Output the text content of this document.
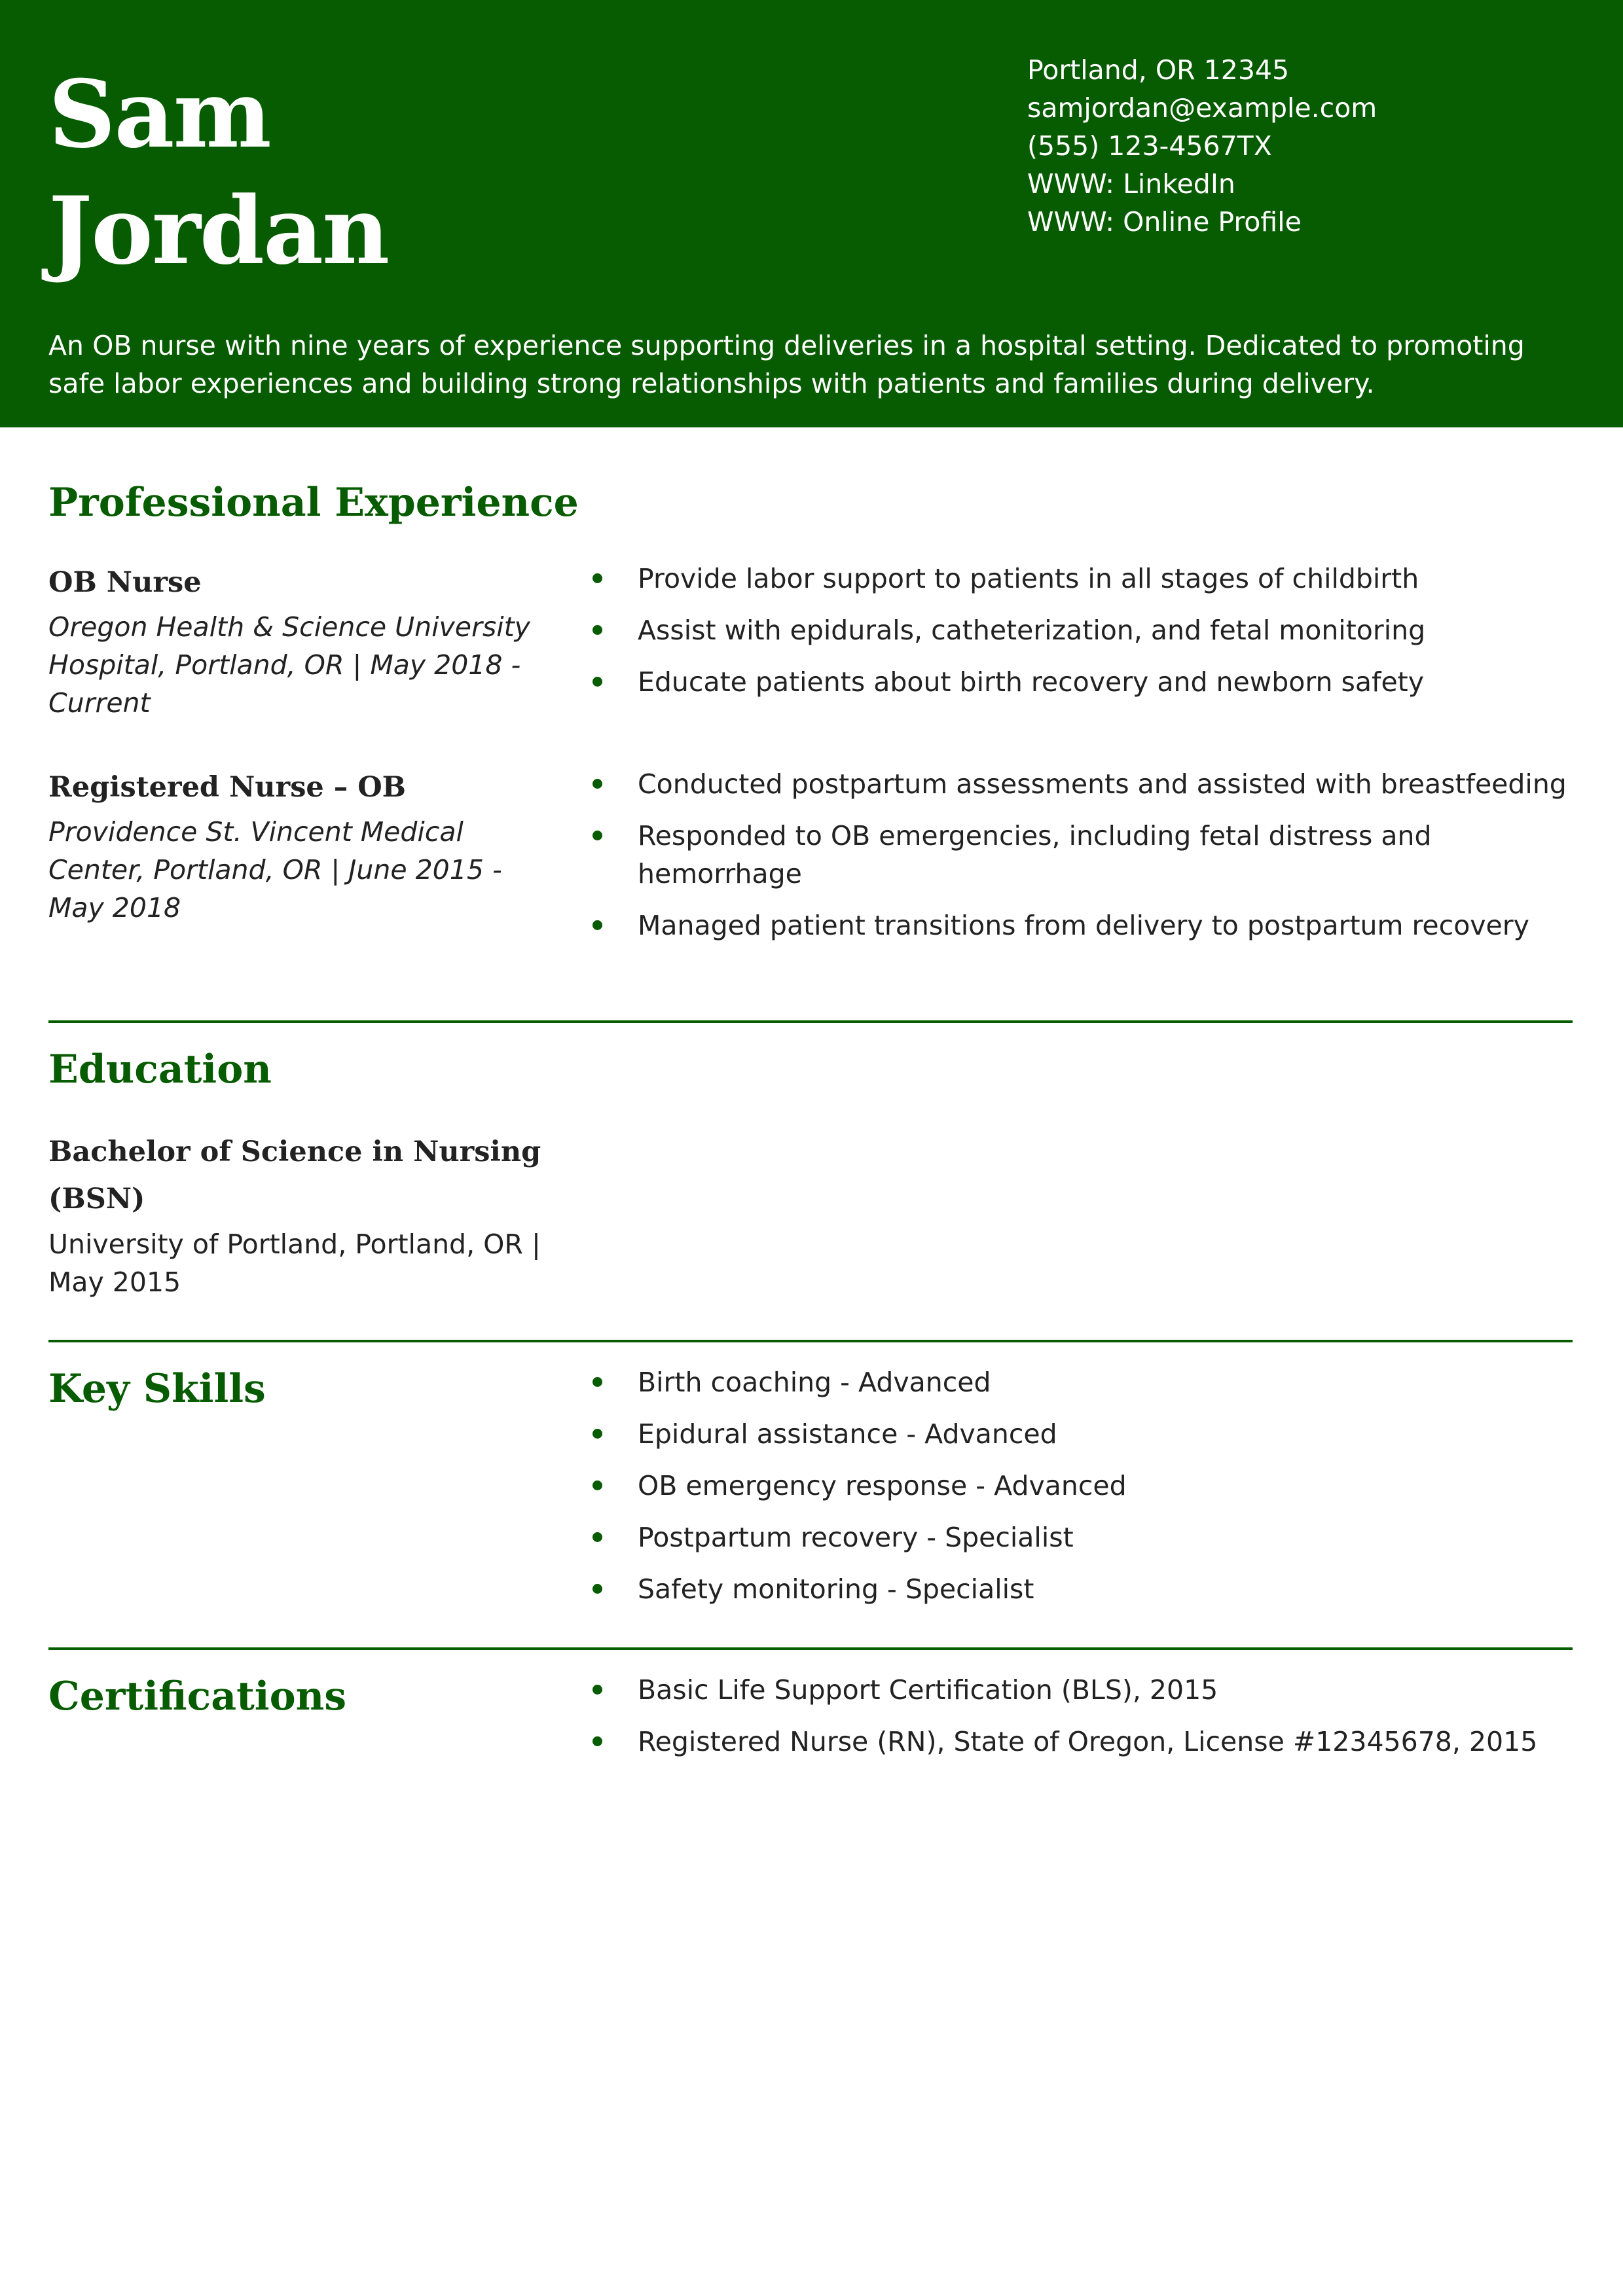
Sam
Jordan
Portland, OR 12345
samjordan@example.com
(555) 123-4567TX
WWW: LinkedIn
WWW: Online Profile

An OB nurse with nine years of experience supporting deliveries in a hospital setting. Dedicated to promoting safe labor experiences and building strong relationships with patients and families during delivery.

Professional Experience
OB Nurse

Oregon Health & Science University Hospital, Portland, OR | May 2018 - Current

Provide labor support to patients in all stages of childbirth
Assist with epidurals, catheterization, and fetal monitoring
Educate patients about birth recovery and newborn safety
Registered Nurse – OB

Providence St. Vincent Medical Center, Portland, OR | June 2015 - May 2018

Conducted postpartum assessments and assisted with breastfeeding
Responded to OB emergencies, including fetal distress and hemorrhage
Managed patient transitions from delivery to postpartum recovery
Education

Bachelor of Science in Nursing (BSN)

University of Portland, Portland, OR | May 2015

Key Skills	Birth coaching - Advanced
Epidural assistance - Advanced
OB emergency response - Advanced
Postpartum recovery - Specialist
Safety monitoring - Specialist
Certifications	Basic Life Support Certification (BLS), 2015
Registered Nurse (RN), State of Oregon, License #12345678, 2015
